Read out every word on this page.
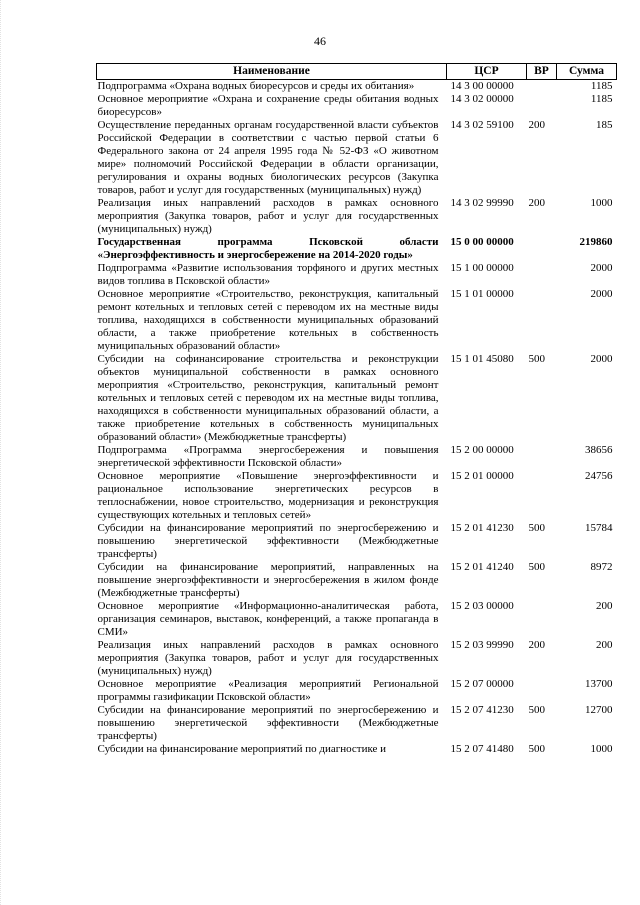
46
Наименование	ЦСР	ВР	Сумма
Подпрограмма «Охрана водных биоресурсов и среды их обитания»	14 3 00 00000		1185
Основное мероприятие «Охрана и сохранение среды обитания водных биоресурсов»	14 3 02 00000		1185
Осуществление переданных органам государственной власти субъектов Российской Федерации в соответствии с частью первой статьи 6 Федерального закона от 24 апреля 1995 года № 52-ФЗ «О животном мире» полномочий Российской Федерации в области организации, регулирования и охраны водных биологических ресурсов (Закупка товаров, работ и услуг для государственных (муниципальных) нужд)	14 3 02 59100	200	185
Реализация иных направлений расходов в рамках основного мероприятия (Закупка товаров, работ и услуг для государственных (муниципальных) нужд)	14 3 02 99990	200	1000
Государственная программа Псковской области «Энергоэффективность и энергосбережение на 2014-2020 годы»	15 0 00 00000		219860
Подпрограмма «Развитие использования торфяного и других местных видов топлива в Псковской области»	15 1 00 00000		2000
Основное мероприятие «Строительство, реконструкция, капитальный ремонт котельных и тепловых сетей с переводом их на местные виды топлива, находящихся в собственности муниципальных образований области, а также приобретение котельных в собственность муниципальных образований области»	15 1 01 00000		2000
Субсидии на софинансирование строительства и реконструкции объектов муниципальной собственности в рамках основного мероприятия «Строительство, реконструкция, капитальный ремонт котельных и тепловых сетей с переводом их на местные виды топлива, находящихся в собственности муниципальных образований области, а также приобретение котельных в собственность муниципальных образований области» (Межбюджетные трансферты)	15 1 01 45080	500	2000
Подпрограмма «Программа энергосбережения и повышения энергетической эффективности Псковской области»	15 2 00 00000		38656
Основное мероприятие «Повышение энергоэффективности и рациональное использование энергетических ресурсов в теплоснабжении, новое строительство, модернизация и реконструкция существующих котельных и тепловых сетей»	15 2 01 00000		24756
Субсидии на финансирование мероприятий по энергосбережению и повышению энергетической эффективности (Межбюджетные трансферты)	15 2 01 41230	500	15784
Субсидии на финансирование мероприятий, направленных на повышение энергоэффективности и энергосбережения в жилом фонде (Межбюджетные трансферты)	15 2 01 41240	500	8972
Основное мероприятие «Информационно-аналитическая работа, организация семинаров, выставок, конференций, а также пропаганда в СМИ»	15 2 03 00000		200
Реализация иных направлений расходов в рамках основного мероприятия (Закупка товаров, работ и услуг для государственных (муниципальных) нужд)	15 2 03 99990	200	200
Основное мероприятие «Реализация мероприятий Региональной программы газификации Псковской области»	15 2 07 00000		13700
Субсидии на финансирование мероприятий по энергосбережению и повышению энергетической эффективности (Межбюджетные трансферты)	15 2 07 41230	500	12700
Субсидии на финансирование мероприятий по диагностике и	15 2 07 41480	500	1000
